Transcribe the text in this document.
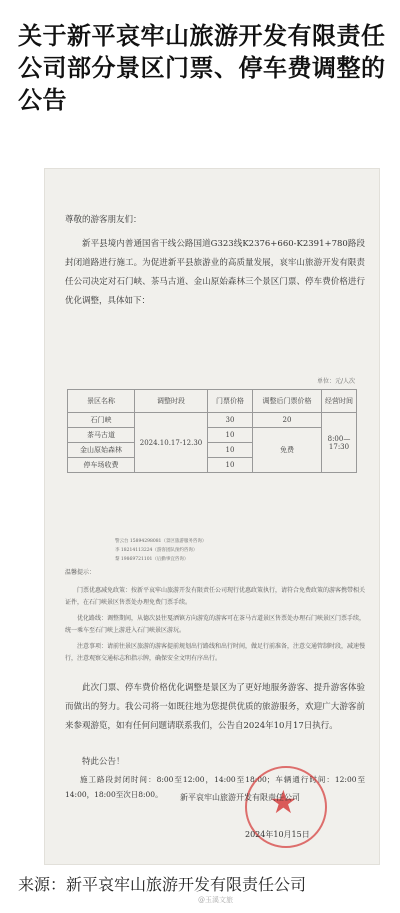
关于新平哀牢山旅游开发有限责任公司部分景区门票、停车费调整的公告
尊敬的游客朋友们：
新平县境内普通国省干线公路国道G323线K2376+660-K2391+780路段封闭道路进行施工。为促进新平县旅游业的高质量发展，哀牢山旅游开发有限责任公司决定对石门峡、茶马古道、金山原始森林三个景区门票、停车费价格进行优化调整，具体如下：
单位：元/人次
景区名称	调整时段	门票价格	调整后门票价格	经营时间
石门峡	2024.10.17-12.30	30	20	8:00—17:30
茶马古道		10	免费	
金山原始森林		10		
停车场收费		10		
警云台 15894298081（景区旅游服务咨询）
李 18214113224（游客团队预约咨询）
黎 19869721101（后勤事宜咨询）
温馨提示：
门票优惠减免政策：按新平哀牢山旅游开发有限责任公司现行优惠政策执行，请符合免费政策的游客携带相关证件，在石门峡景区售票处办理免费门票手续。
优化路线：调整期间，从德次县往戛洒镇方向游览的游客可在茶马古道景区售票处办理石门峡景区门票手续，统一乘车至石门峡上游进入石门峡景区游玩。
注意事项：请前往景区旅游的游客提前规划出行路线和出行时间，做足行前准备，注意交通管制时段，减速慢行，注意观察交通标志和指示牌，确保安全文明有序出行。
此次门票、停车费价格优化调整是景区为了更好地服务游客、提升游客体验而做出的努力。我公司将一如既往地为您提供优质的旅游服务，欢迎广大游客前来参观游览，如有任何问题请联系我们，公告自2024年10月17日执行。
特此公告！
施工路段封闭时间：8:00至12:00，14:00至18:00；车辆通行时间：12:00至14:00，18:00至次日8:00。	★
新平哀牢山旅游开发有限责任公司
2024年10月15日
来源：新平哀牢山旅游开发有限责任公司
@玉溪文旅
